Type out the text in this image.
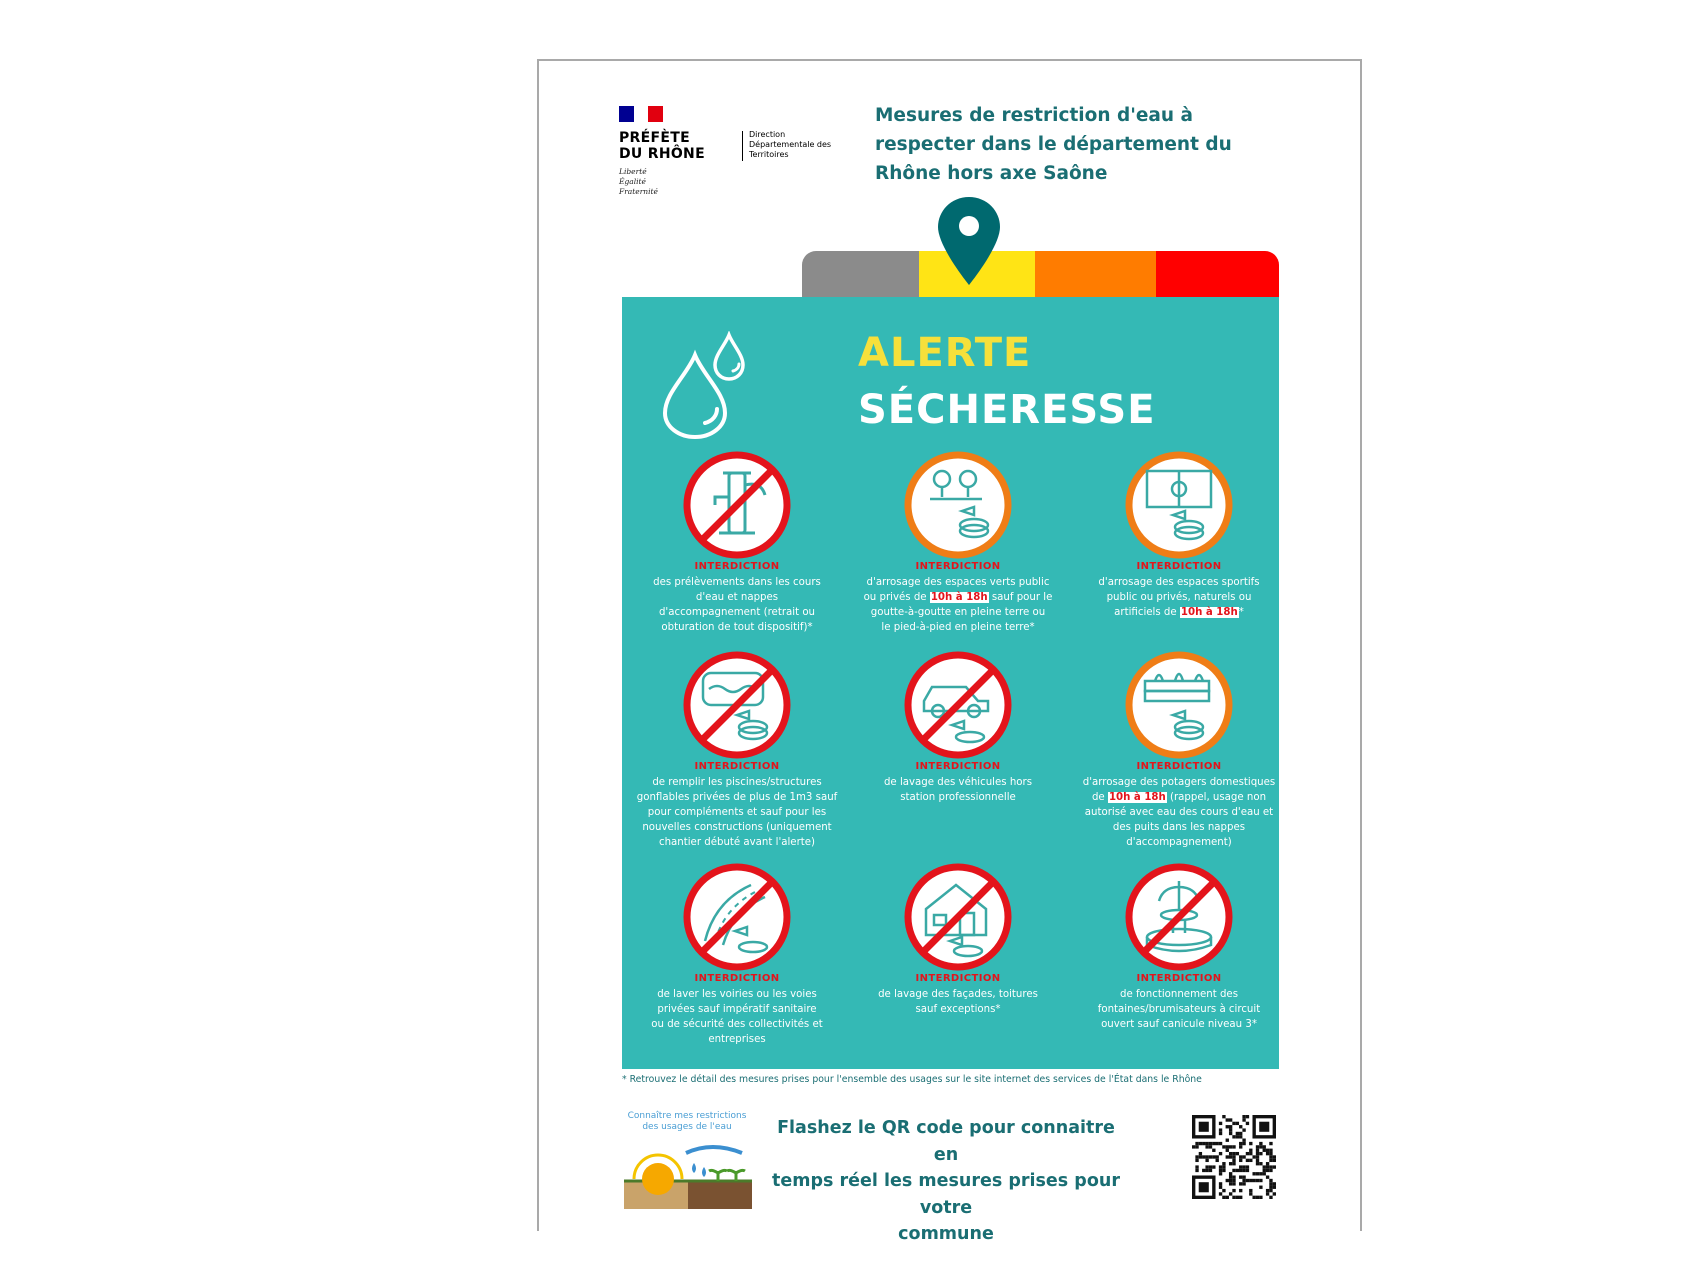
PRÉFÈTE
DU RHÔNE
Liberté
Égalité
Fraternité
Direction
Départementale des
Territoires
Mesures de restriction d'eau à
respecter dans le département du
Rhône hors axe Saône
ALERTE
SÉCHERESSE
INTERDICTION
des prélèvements dans les cours
d'eau et nappes
d'accompagnement (retrait ou
obturation de tout dispositif)*
INTERDICTION
d'arrosage des espaces verts public
ou privés de 10h à 18h sauf pour le
goutte-à-goutte en pleine terre ou
le pied-à-pied en pleine terre*
INTERDICTION
d'arrosage des espaces sportifs
public ou privés, naturels ou
artificiels de 10h à 18h*
INTERDICTION
de remplir les piscines/structures
gonflables privées de plus de 1m3 sauf
pour compléments et sauf pour les
nouvelles constructions (uniquement
chantier débuté avant l'alerte)
INTERDICTION
de lavage des véhicules hors
station professionnelle
INTERDICTION
d'arrosage des potagers domestiques
de 10h à 18h (rappel, usage non
autorisé avec eau des cours d'eau et
des puits dans les nappes
d'accompagnement)
INTERDICTION
de laver les voiries ou les voies
privées sauf impératif sanitaire
ou de sécurité des collectivités et
entreprises
INTERDICTION
de lavage des façades, toitures
sauf exceptions*
INTERDICTION
de fonctionnement des
fontaines/brumisateurs à circuit
ouvert sauf canicule niveau 3*
* Retrouvez le détail des mesures prises pour l'ensemble des usages sur le site internet des services de l'État dans le Rhône
Connaître mes restrictions
des usages de l'eau	Flashez le QR code pour connaitre en
temps réel les mesures prises pour votre
commune
